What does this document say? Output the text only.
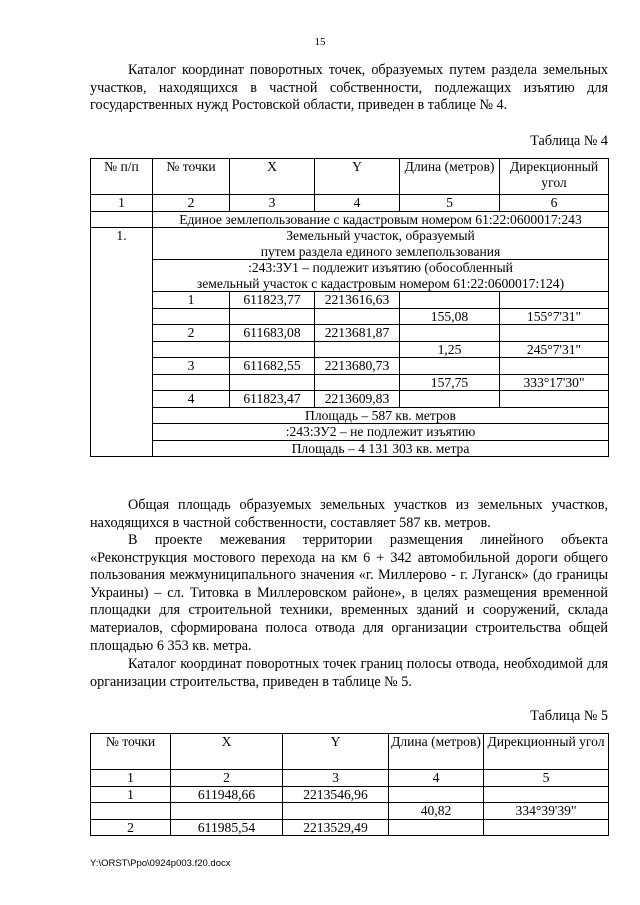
15

Каталог координат поворотных точек, образуемых путем раздела земельных участков, находящихся в частной собственности, подлежащих изъятию для государственных нужд Ростовской области, приведен в таблице № 4.

Таблица № 4
№ п/п	№ точки	X	Y	Длина (метров)	Дирекционный угол
1	2	3	4	5	6
	Единое землепользование с кадастровым номером 61:22:0600017:243				
1.	Земельный участок, образуемый
путем раздела единого землепользования				
	:243:ЗУ1 – подлежит изъятию (обособленный
земельный участок с кадастровым номером 61:22:0600017:124)				
	1	611823,77	2213616,63		
				155,08	155°7'31"
	2	611683,08	2213681,87		
				1,25	245°7'31"
	3	611682,55	2213680,73		
				157,75	333°17'30"
	4	611823,47	2213609,83		
	Площадь – 587 кв. метров				
	:243:ЗУ2 – не подлежит изъятию				
	Площадь – 4 131 303 кв. метра				

Общая площадь образуемых земельных участков из земельных участков, находящихся в частной собственности, составляет 587 кв. метров.

В проекте межевания территории размещения линейного объекта «Реконструкция мостового перехода на км 6 + 342 автомобильной дороги общего пользования межмуниципального значения «г. Миллерово - г. Луганск» (до границы Украины) – сл. Титовка в Миллеровском районе», в целях размещения временной площадки для строительной техники, временных зданий и сооружений, склада материалов, сформирована полоса отвода для организации строительства общей площадью 6 353 кв. метра.

Каталог координат поворотных точек границ полосы отвода, необходимой для организации строительства, приведен в таблице № 5.

Таблица № 5
№ точки	X	Y	Длина (метров)	Дирекционный угол
1	2	3	4	5
1	611948,66	2213546,96		
			40,82	334°39'39"
2	611985,54	2213529,49		
Y:\ORST\Ppo\0924p003.f20.docx
